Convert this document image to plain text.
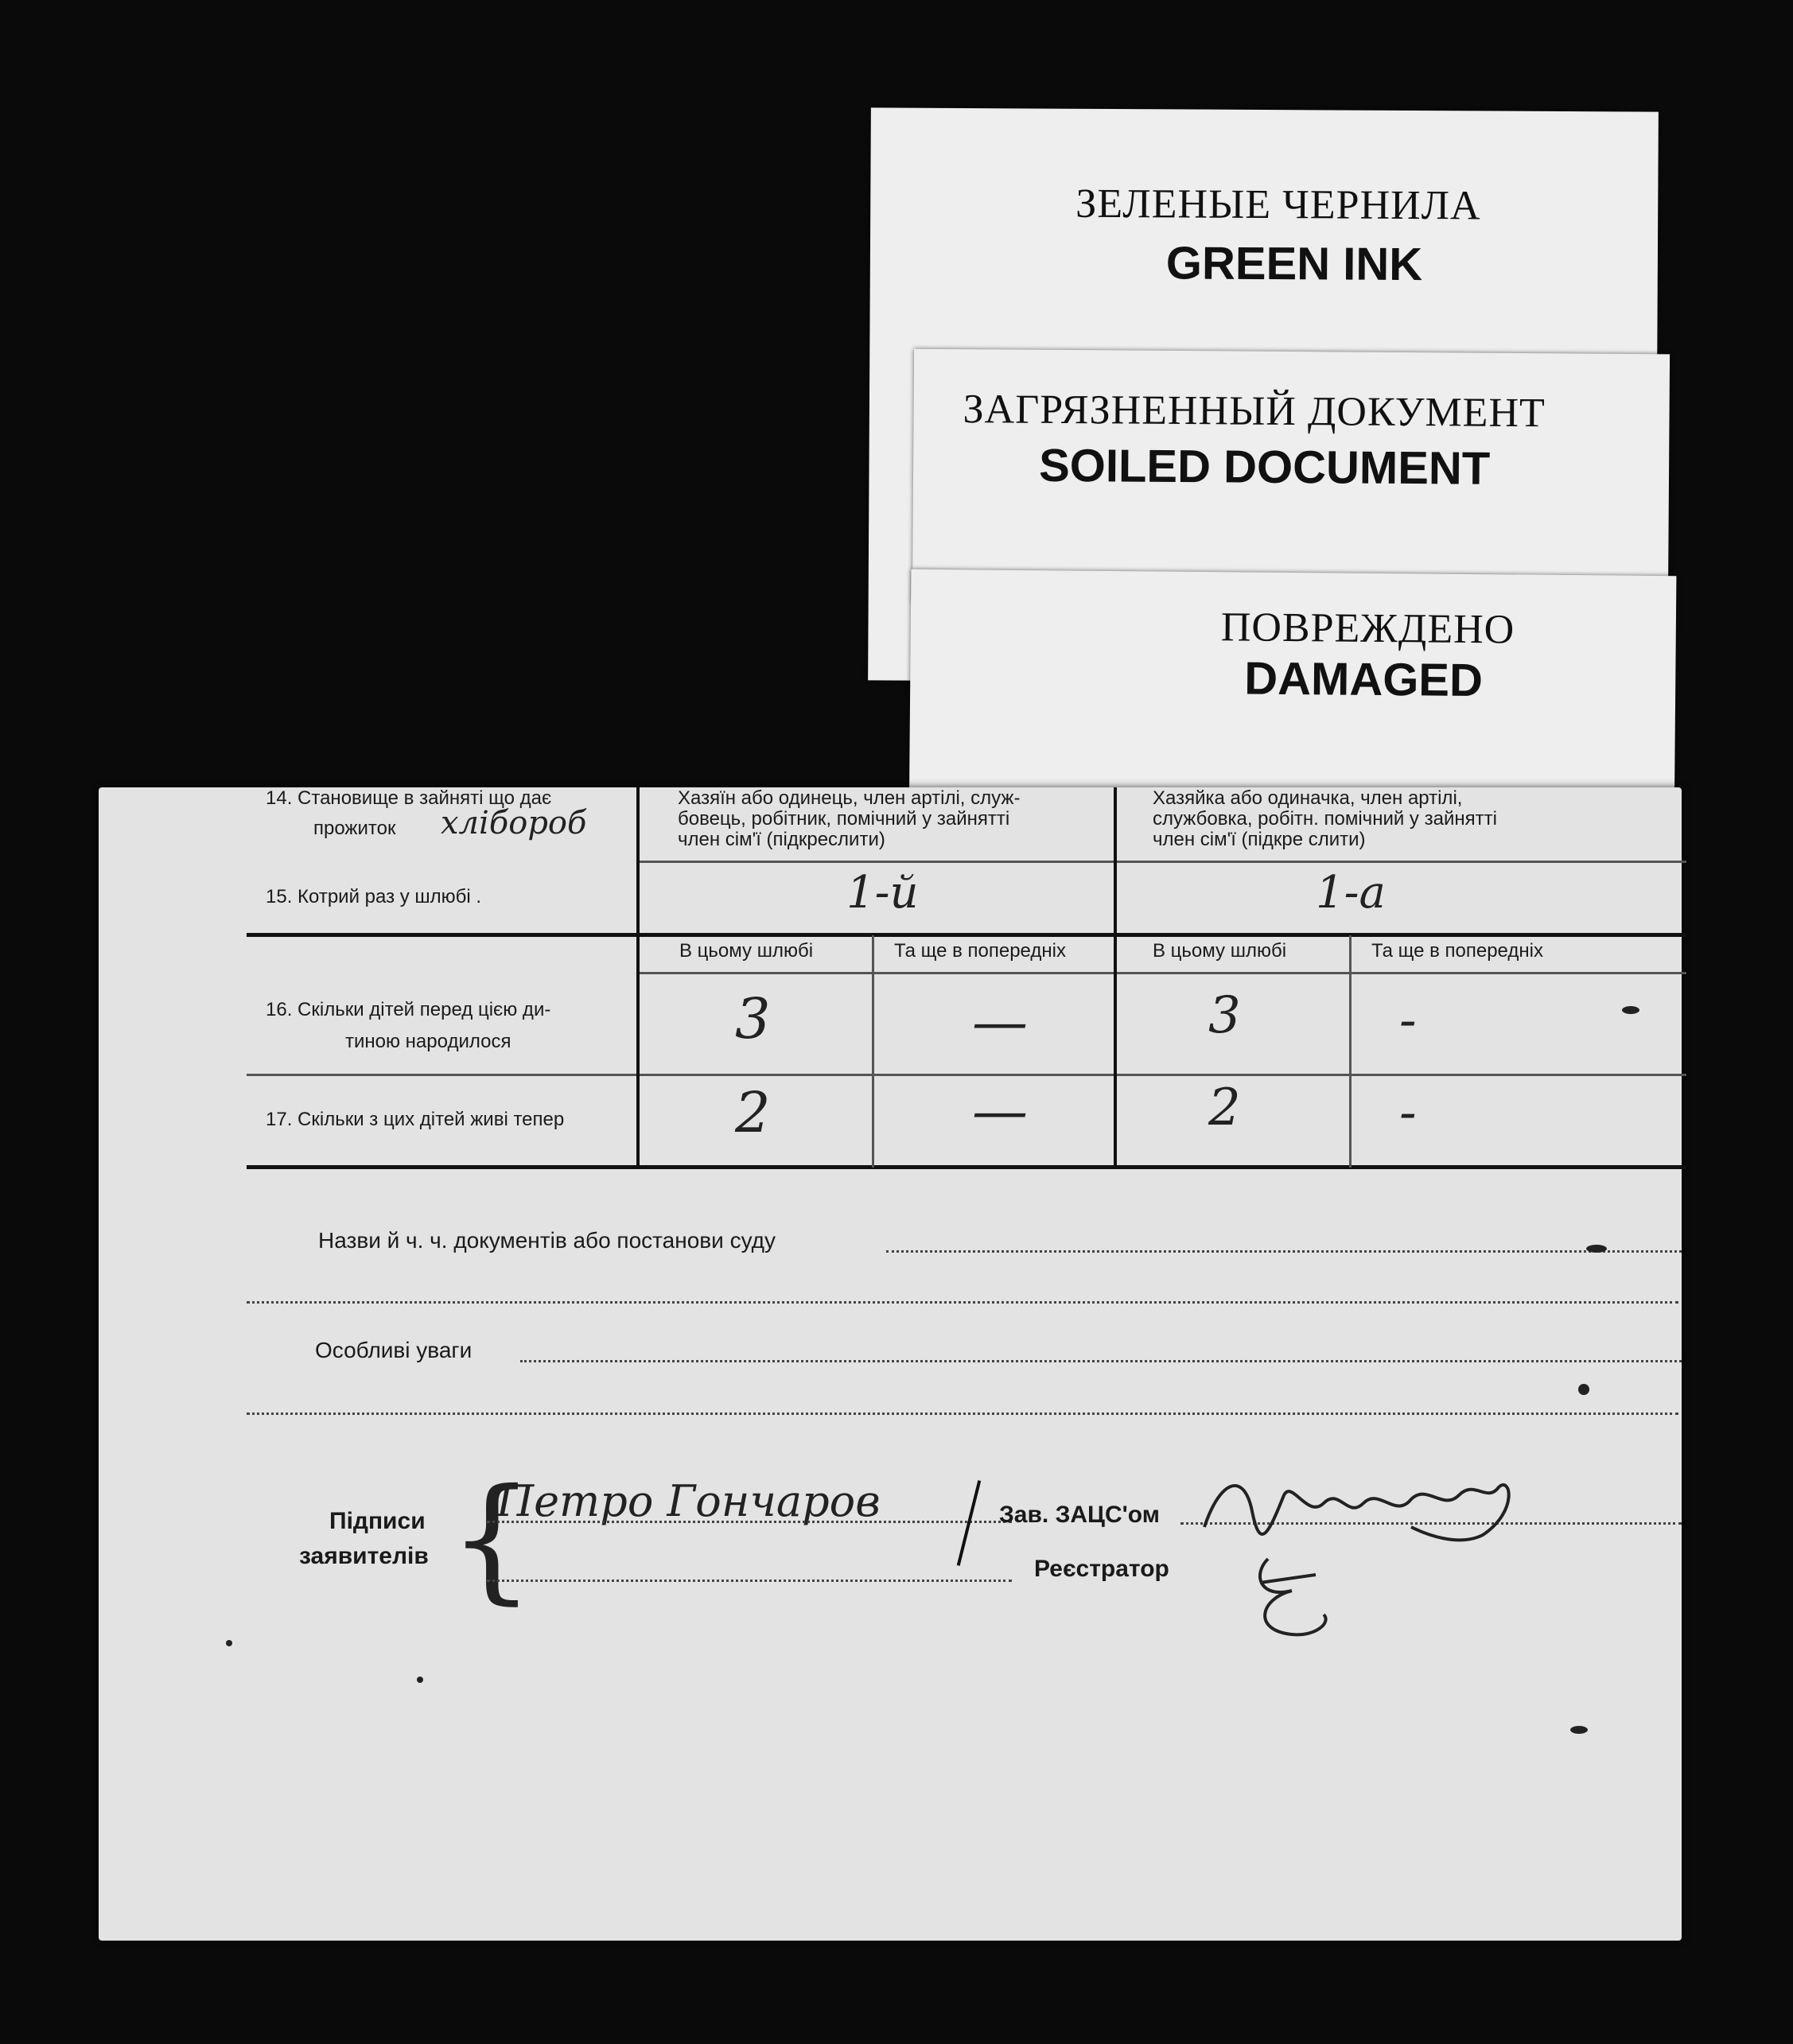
ЗЕЛЕНЫЕ ЧЕРНИЛА
GREEN INK
ЗАГРЯЗНЕННЫЙ ДОКУМЕНТ
SOILED DOCUMENT
ПОВРЕЖДЕНО
DAMAGED
14. Становище в зайняті що дає
прожиток хлібороб
Хазяїн або одинець, член артілі, служ-
бовець, робітник, помічний у зайнятті
член сім'ї (підкреслити)
Хазяйка або одиначка, член артілі,
службовка, робітн. помічний у зайнятті
член сім'ї (підкре слити)
15. Котрий раз у шлюбі .	1-й	1-а
В цьому шлюбі	Та ще в попередніх	В цьому шлюбі	Та ще в попередніх
16. Скільки дітей перед цією ди-
тиною народилося	3	—	3	-
17. Скільки з цих дітей живі тепер	2	—	2	-
Назви й ч. ч. документів або постанови суду
Особливі уваги
Підписи
заявителів {
Петро Гончаров	Зав. ЗАЦС'ом
Реєстратор
